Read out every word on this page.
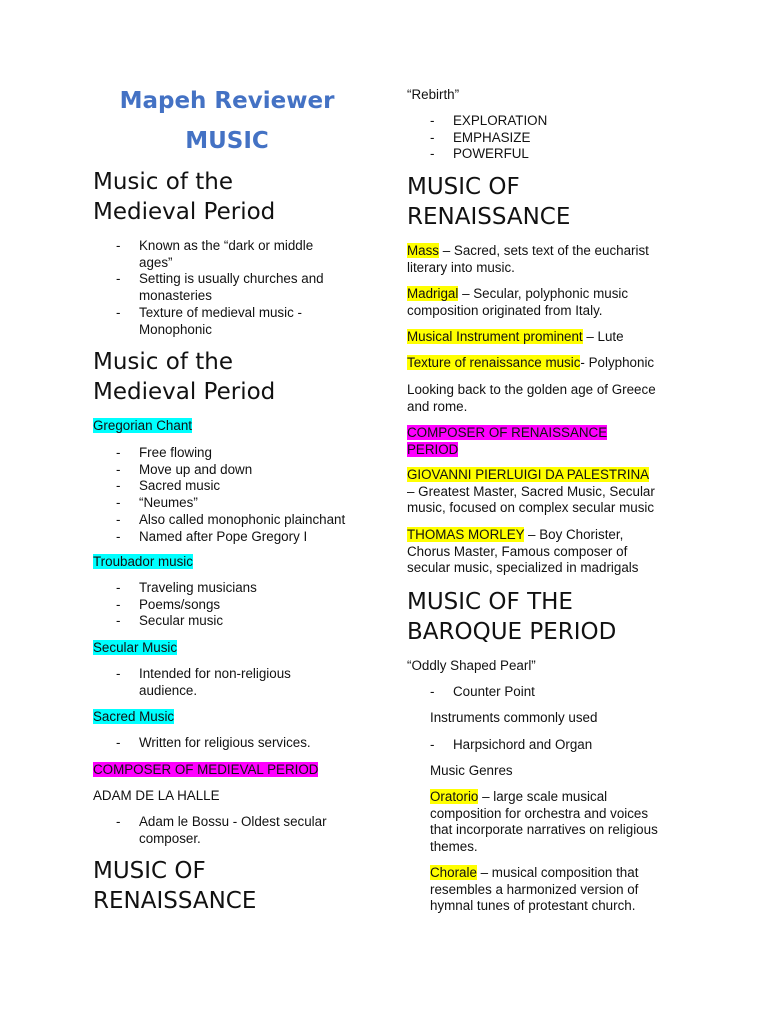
Mapeh Reviewer
MUSIC
Music of the
Medieval Period
- Known as the “dark or middle
ages”
- Setting is usually churches and
monasteries
- Texture of medieval music -
Monophonic
Music of the
Medieval Period

Gregorian Chant

- Free flowing
- Move up and down
- Sacred music
- “Neumes”
- Also called monophonic plainchant
- Named after Pope Gregory I

Troubador music

- Traveling musicians
- Poems/songs
- Secular music

Secular Music

- Intended for non-religious
audience.

Sacred Music

- Written for religious services.

COMPOSER OF MEDIEVAL PERIOD

ADAM DE LA HALLE

- Adam le Bossu - Oldest secular
composer.
MUSIC OF
RENAISSANCE

“Rebirth”

- EXPLORATION
- EMPHASIZE
- POWERFUL
MUSIC OF
RENAISSANCE

Mass – Sacred, sets text of the eucharist
literary into music.

Madrigal – Secular, polyphonic music
composition originated from Italy.

Musical Instrument prominent – Lute

Texture of renaissance music- Polyphonic

Looking back to the golden age of Greece
and rome.

COMPOSER OF RENAISSANCE
PERIOD

GIOVANNI PIERLUIGI DA PALESTRINA
– Greatest Master, Sacred Music, Secular
music, focused on complex secular music

THOMAS MORLEY – Boy Chorister,
Chorus Master, Famous composer of
secular music, specialized in madrigals

MUSIC OF THE
BAROQUE PERIOD

“Oddly Shaped Pearl”

- Counter Point

Instruments commonly used

- Harpsichord and Organ

Music Genres

Oratorio – large scale musical
composition for orchestra and voices
that incorporate narratives on religious
themes.

Chorale – musical composition that
resembles a harmonized version of
hymnal tunes of protestant church.
